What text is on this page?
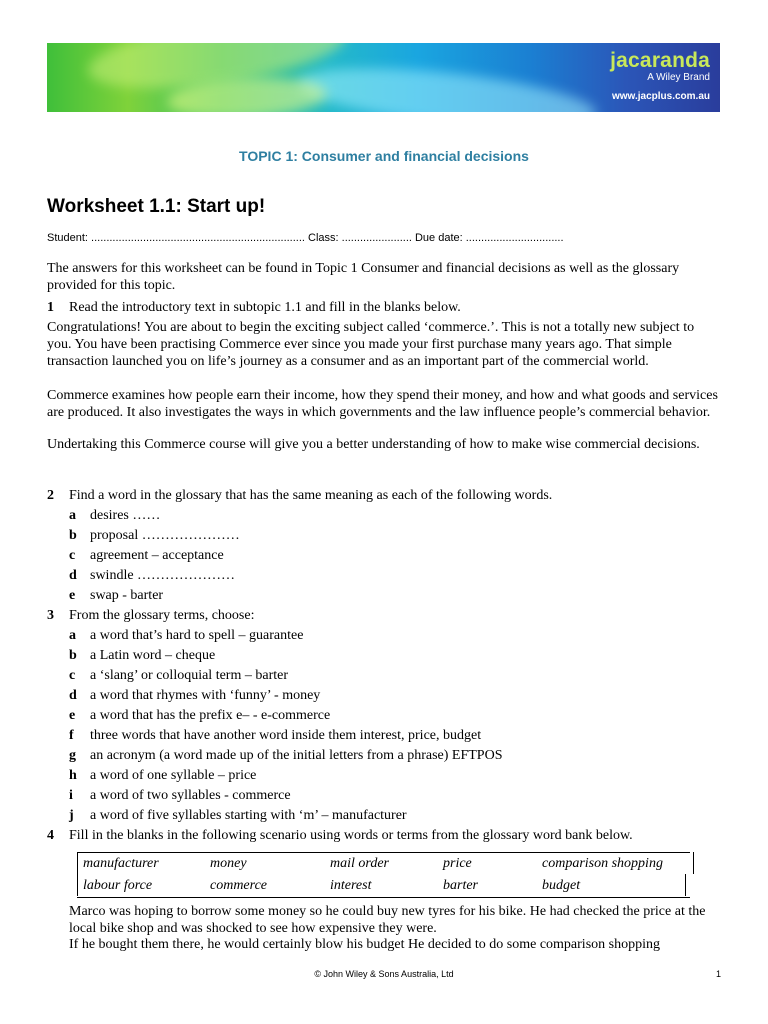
jacaranda
A Wiley Brand
www.jacplus.com.au
TOPIC 1: Consumer and financial decisions
Worksheet 1.1: Start up!
Student: ...................................................................... Class: ....................... Due date: ................................
The answers for this worksheet can be found in Topic 1 Consumer and financial decisions as well as the glossary provided for this topic.
1 Read the introductory text in subtopic 1.1 and fill in the blanks below.
Congratulations! You are about to begin the exciting subject called ‘commerce.’. This is not a totally new subject to you. You have been practising Commerce ever since you made your first purchase many years ago. That simple transaction launched you on life’s journey as a consumer and as an important part of the commercial world.
Commerce examines how people earn their income, how they spend their money, and how and what goods and services are produced. It also investigates the ways in which governments and the law influence people’s commercial behavior.
Undertaking this Commerce course will give you a better understanding of how to make wise commercial decisions.
2 Find a word in the glossary that has the same meaning as each of the following words.
a desires ……
b proposal …………………
c agreement – acceptance
d swindle …………………
e swap - barter
3 From the glossary terms, choose:
a a word that’s hard to spell – guarantee
b a Latin word – cheque
c a ‘slang’ or colloquial term – barter
d a word that rhymes with ‘funny’ - money
e a word that has the prefix e– - e-commerce
f three words that have another word inside them interest, price, budget
g an acronym (a word made up of the initial letters from a phrase) EFTPOS
h a word of one syllable – price
i a word of two syllables - commerce
j a word of five syllables starting with ‘m’ – manufacturer
4 Fill in the blanks in the following scenario using words or terms from the glossary word bank below.
manufacturer	money	mail order	price	comparison shopping
labour force	commerce	interest	barter	budget
Marco was hoping to borrow some money so he could buy new tyres for his bike. He had checked the price at the local bike shop and was shocked to see how expensive they were.
If he bought them there, he would certainly blow his budget He decided to do some comparison shopping
© John Wiley & Sons Australia, Ltd	1
